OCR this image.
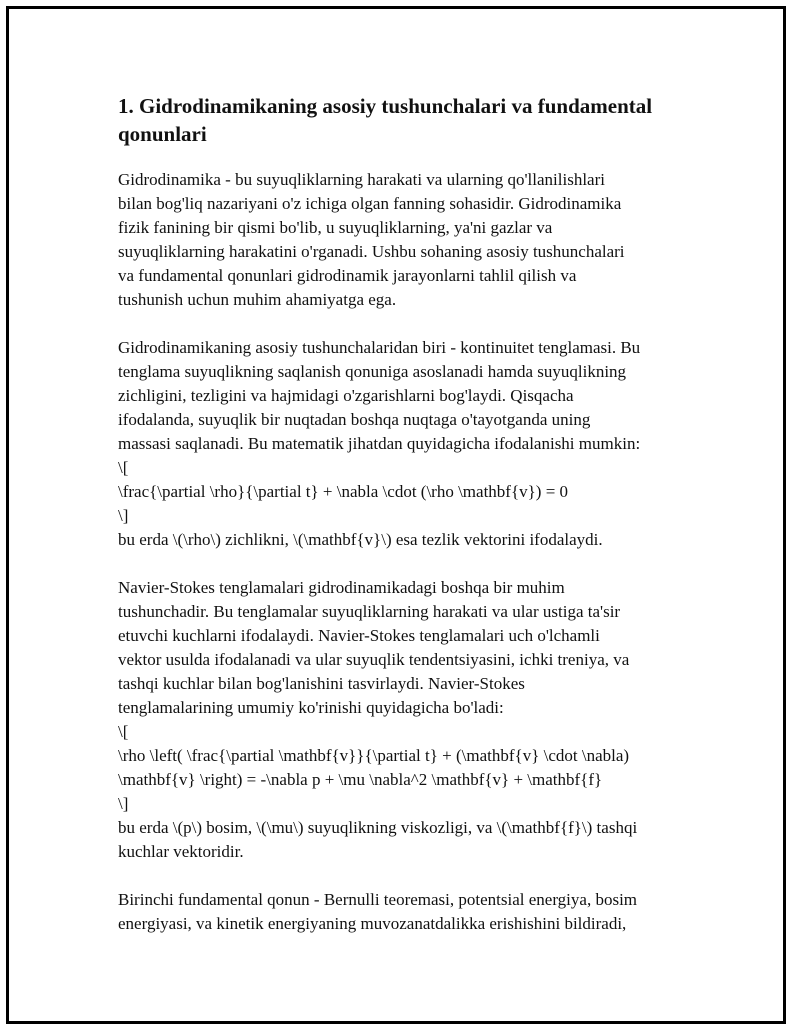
1. Gidrodinamikaning asosiy tushunchalari va fundamental
qonunlari
Gidrodinamika - bu suyuqliklarning harakati va ularning qo'llanilishlari
bilan bog'liq nazariyani o'z ichiga olgan fanning sohasidir. Gidrodinamika
fizik fanining bir qismi bo'lib, u suyuqliklarning, ya'ni gazlar va
suyuqliklarning harakatini o'rganadi. Ushbu sohaning asosiy tushunchalari
va fundamental qonunlari gidrodinamik jarayonlarni tahlil qilish va
tushunish uchun muhim ahamiyatga ega.
Gidrodinamikaning asosiy tushunchalaridan biri - kontinuitet tenglamasi. Bu
tenglama suyuqlikning saqlanish qonuniga asoslanadi hamda suyuqlikning
zichligini, tezligini va hajmidagi o'zgarishlarni bog'laydi. Qisqacha
ifodalanda, suyuqlik bir nuqtadan boshqa nuqtaga o'tayotganda uning
massasi saqlanadi. Bu matematik jihatdan quyidagicha ifodalanishi mumkin:
\[
\frac{\partial \rho}{\partial t} + \nabla \cdot (\rho \mathbf{v}) = 0
\]
bu erda \(\rho\) zichlikni, \(\mathbf{v}\) esa tezlik vektorini ifodalaydi.
Navier-Stokes tenglamalari gidrodinamikadagi boshqa bir muhim
tushunchadir. Bu tenglamalar suyuqliklarning harakati va ular ustiga ta'sir
etuvchi kuchlarni ifodalaydi. Navier-Stokes tenglamalari uch o'lchamli
vektor usulda ifodalanadi va ular suyuqlik tendentsiyasini, ichki treniya, va
tashqi kuchlar bilan bog'lanishini tasvirlaydi. Navier-Stokes
tenglamalarining umumiy ko'rinishi quyidagicha bo'ladi:
\[
\rho \left( \frac{\partial \mathbf{v}}{\partial t} + (\mathbf{v} \cdot \nabla)
\mathbf{v} \right) = -\nabla p + \mu \nabla^2 \mathbf{v} + \mathbf{f}
\]
bu erda \(p\) bosim, \(\mu\) suyuqlikning viskozligi, va \(\mathbf{f}\) tashqi
kuchlar vektoridir.
Birinchi fundamental qonun - Bernulli teoremasi, potentsial energiya, bosim
energiyasi, va kinetik energiyaning muvozanatdalikka erishishini bildiradi,
